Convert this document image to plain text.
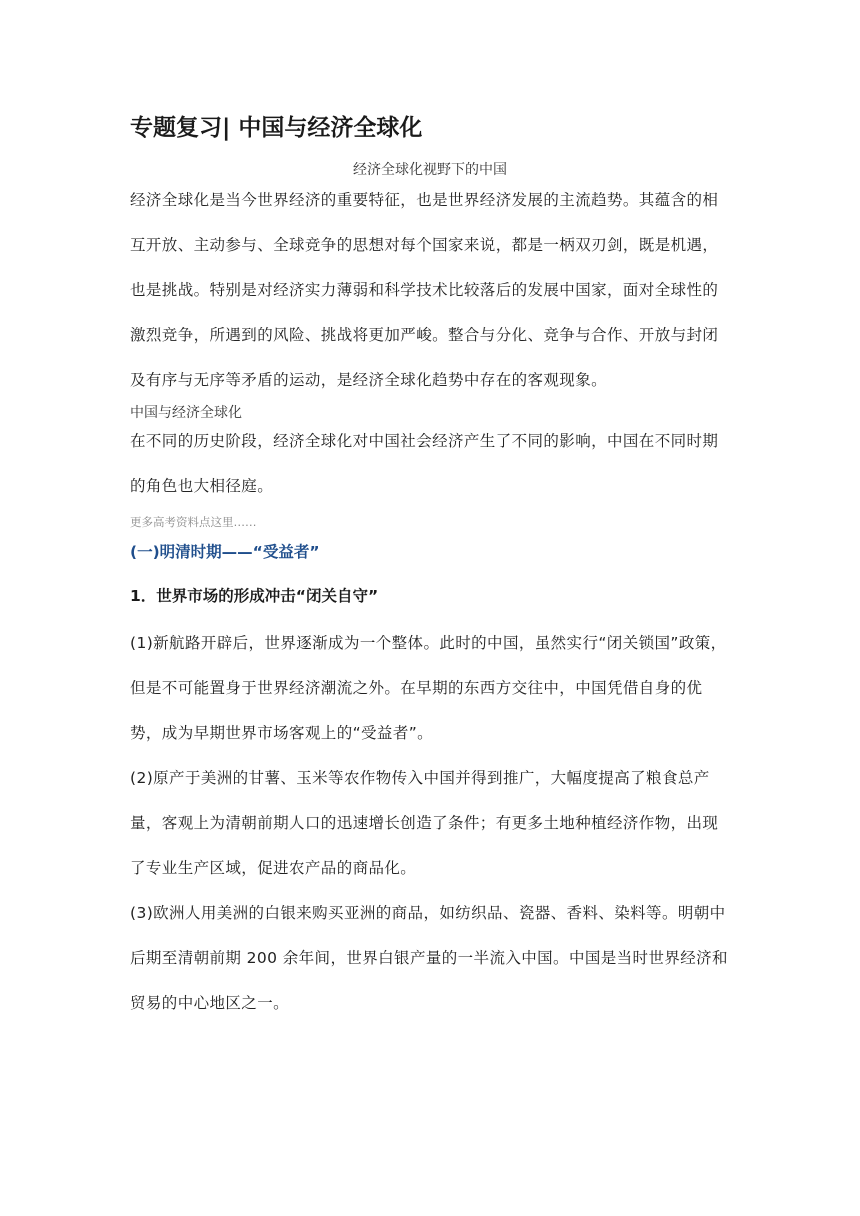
专题复习| 中国与经济全球化
经济全球化视野下的中国

经济全球化是当今世界经济的重要特征，也是世界经济发展的主流趋势。其蕴含的相互开放、主动参与、全球竞争的思想对每个国家来说，都是一柄双刃剑，既是机遇，也是挑战。特别是对经济实力薄弱和科学技术比较落后的发展中国家，面对全球性的激烈竞争，所遇到的风险、挑战将更加严峻。整合与分化、竞争与合作、开放与封闭及有序与无序等矛盾的运动，是经济全球化趋势中存在的客观现象。

中国与经济全球化

在不同的历史阶段，经济全球化对中国社会经济产生了不同的影响，中国在不同时期的角色也大相径庭。

更多高考资料点这里……
(一)明清时期——“受益者”
1．世界市场的形成冲击“闭关自守”

(1)新航路开辟后，世界逐渐成为一个整体。此时的中国，虽然实行“闭关锁国”政策，但是不可能置身于世界经济潮流之外。在早期的东西方交往中，中国凭借自身的优势，成为早期世界市场客观上的“受益者”。

(2)原产于美洲的甘薯、玉米等农作物传入中国并得到推广，大幅度提高了粮食总产量，客观上为清朝前期人口的迅速增长创造了条件；有更多土地种植经济作物，出现了专业生产区域，促进农产品的商品化。

(3)欧洲人用美洲的白银来购买亚洲的商品，如纺织品、瓷器、香料、染料等。明朝中后期至清朝前期 200 余年间，世界白银产量的一半流入中国。中国是当时世界经济和贸易的中心地区之一。
